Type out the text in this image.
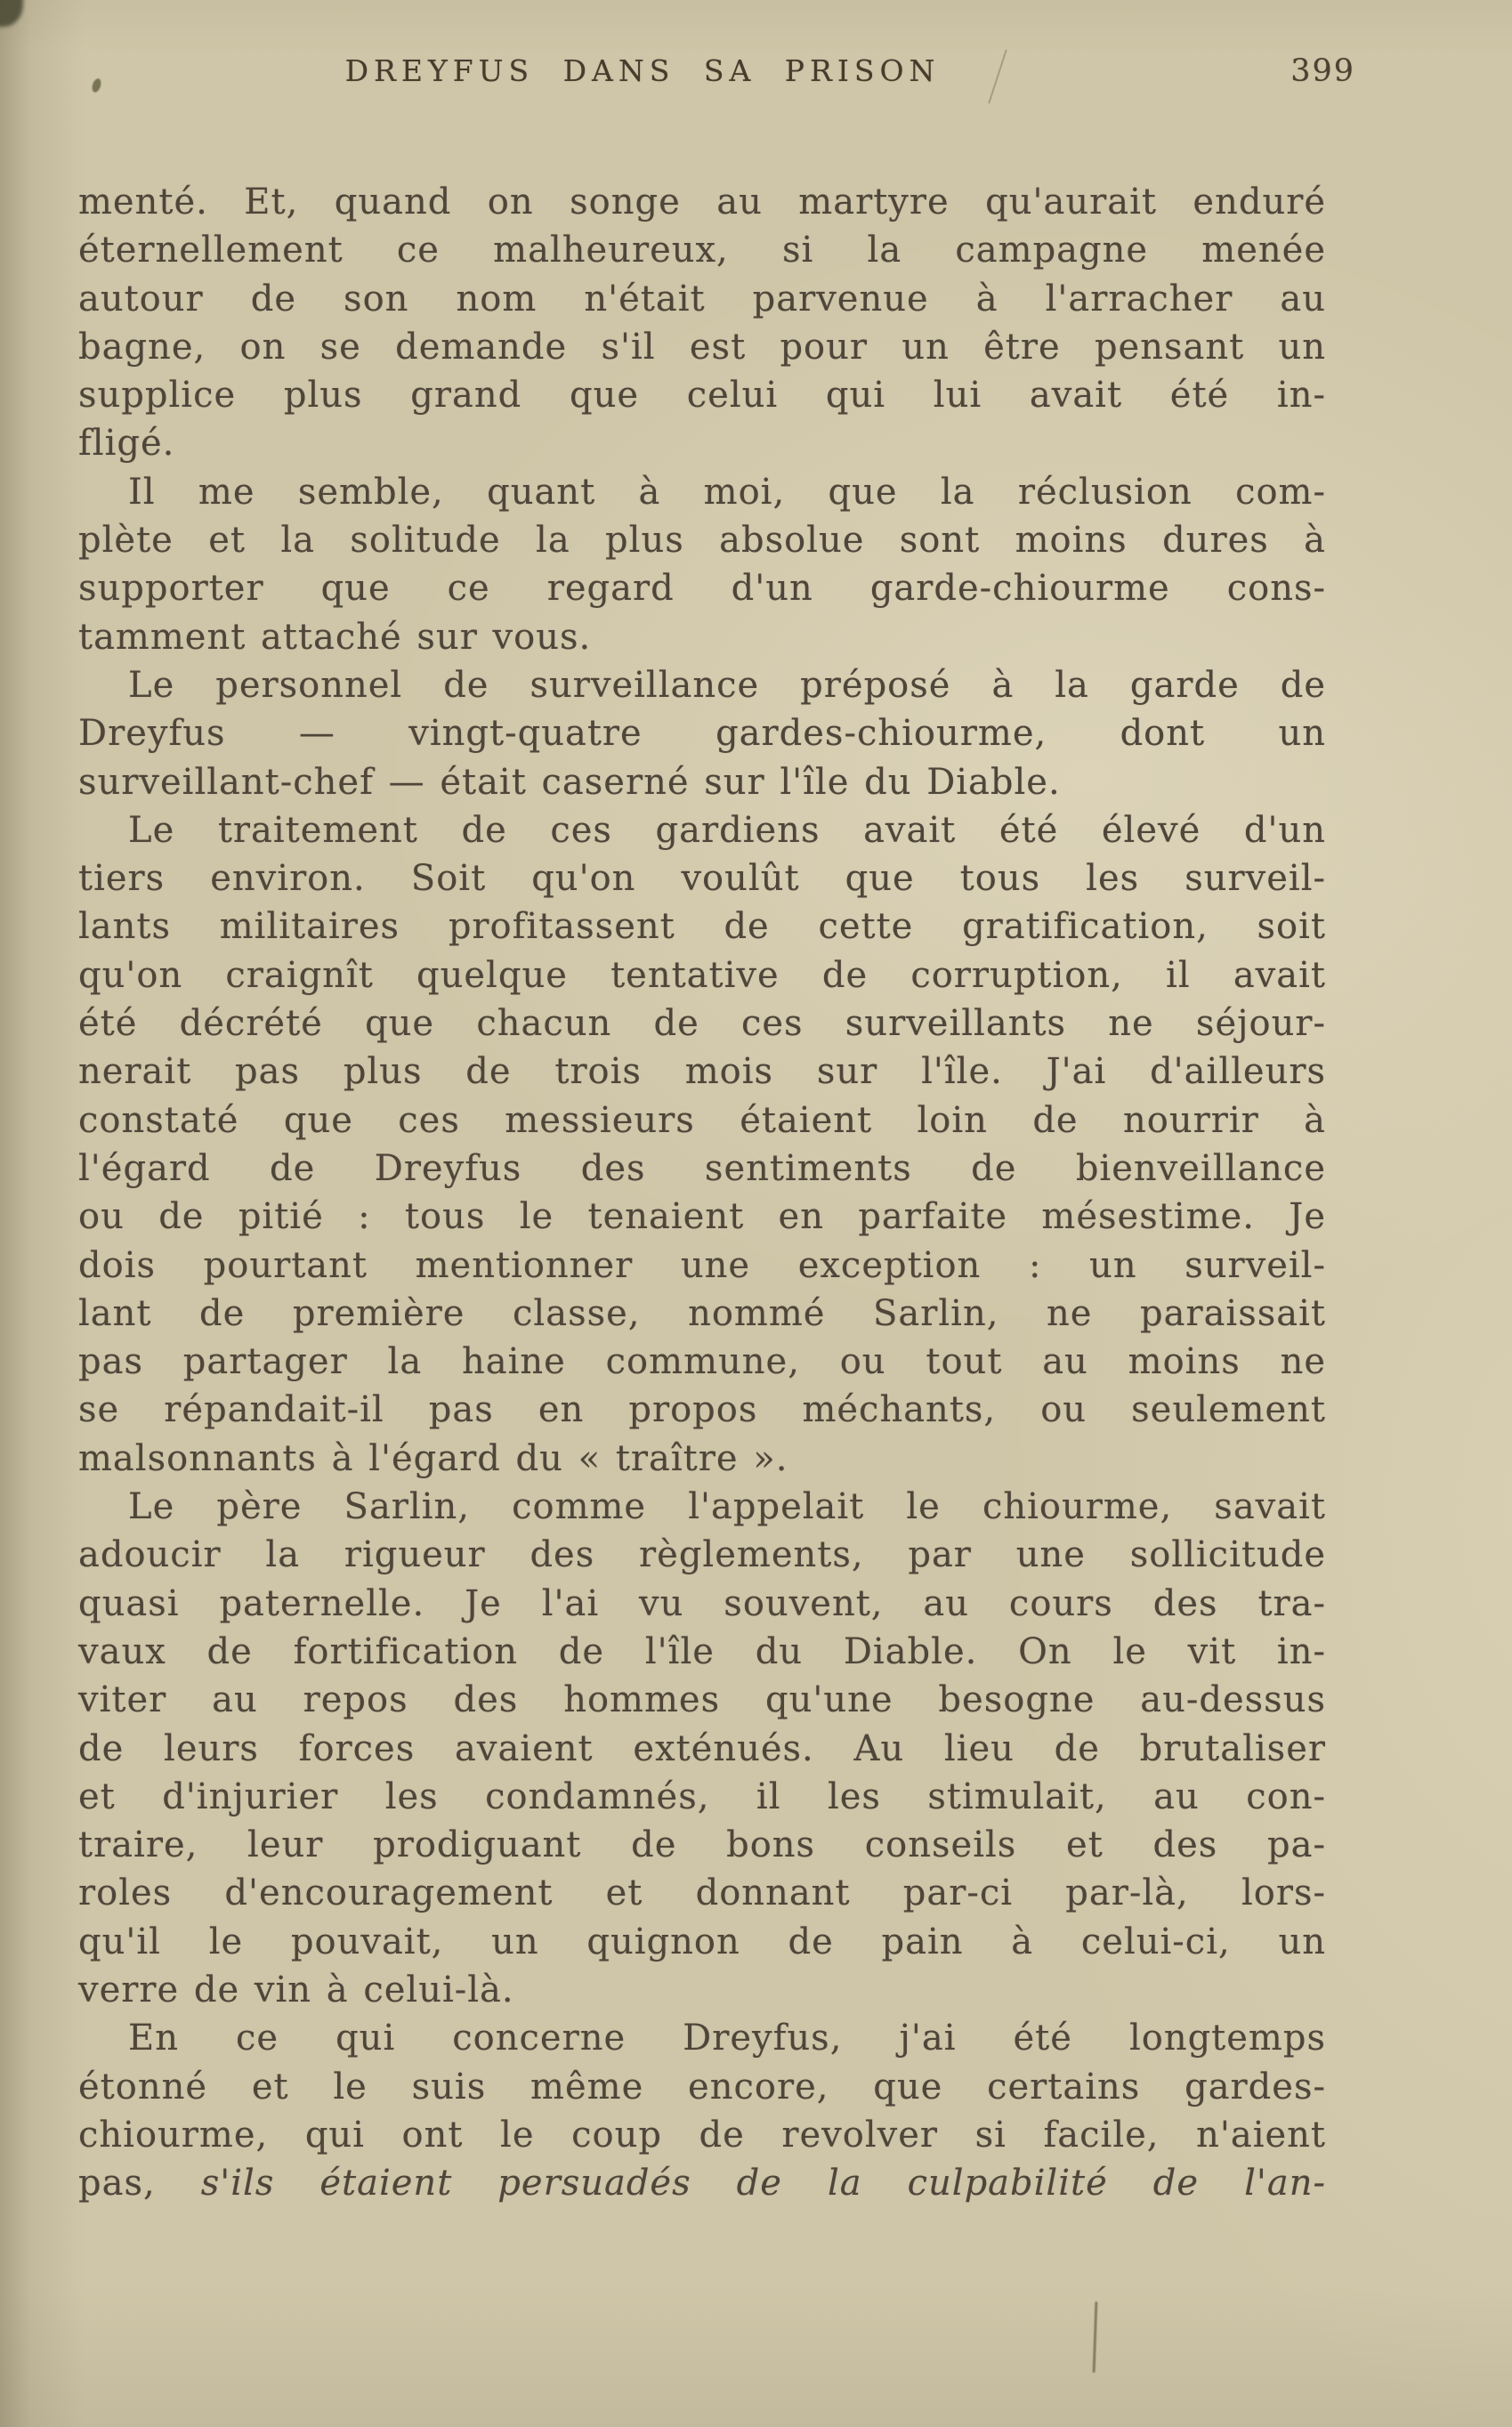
DREYFUS DANS SA PRISON	399
menté. Et, quand on songe au martyre qu'aurait enduré
éternellement ce malheureux, si la campagne menée
autour de son nom n'était parvenue à l'arracher au
bagne, on se demande s'il est pour un être pensant un
supplice plus grand que celui qui lui avait été in-
fligé.
Il me semble, quant à moi, que la réclusion com-
plète et la solitude la plus absolue sont moins dures à
supporter que ce regard d'un garde-chiourme cons-
tamment attaché sur vous.
Le personnel de surveillance préposé à la garde de
Dreyfus — vingt-quatre gardes-chiourme, dont un
surveillant-chef — était caserné sur l'île du Diable.
Le traitement de ces gardiens avait été élevé d'un
tiers environ. Soit qu'on voulût que tous les surveil-
lants militaires profitassent de cette gratification, soit
qu'on craignît quelque tentative de corruption, il avait
été décrété que chacun de ces surveillants ne séjour-
nerait pas plus de trois mois sur l'île. J'ai d'ailleurs
constaté que ces messieurs étaient loin de nourrir à
l'égard de Dreyfus des sentiments de bienveillance
ou de pitié : tous le tenaient en parfaite mésestime. Je
dois pourtant mentionner une exception : un surveil-
lant de première classe, nommé Sarlin, ne paraissait
pas partager la haine commune, ou tout au moins ne
se répandait-il pas en propos méchants, ou seulement
malsonnants à l'égard du « traître ».
Le père Sarlin, comme l'appelait le chiourme, savait
adoucir la rigueur des règlements, par une sollicitude
quasi paternelle. Je l'ai vu souvent, au cours des tra-
vaux de fortification de l'île du Diable. On le vit in-
viter au repos des hommes qu'une besogne au-dessus
de leurs forces avaient exténués. Au lieu de brutaliser
et d'injurier les condamnés, il les stimulait, au con-
traire, leur prodiguant de bons conseils et des pa-
roles d'encouragement et donnant par-ci par-là, lors-
qu'il le pouvait, un quignon de pain à celui-ci, un
verre de vin à celui-là.
En ce qui concerne Dreyfus, j'ai été longtemps
étonné et le suis même encore, que certains gardes-
chiourme, qui ont le coup de revolver si facile, n'aient
pas, s'ils étaient persuadés de la culpabilité de l'an-
